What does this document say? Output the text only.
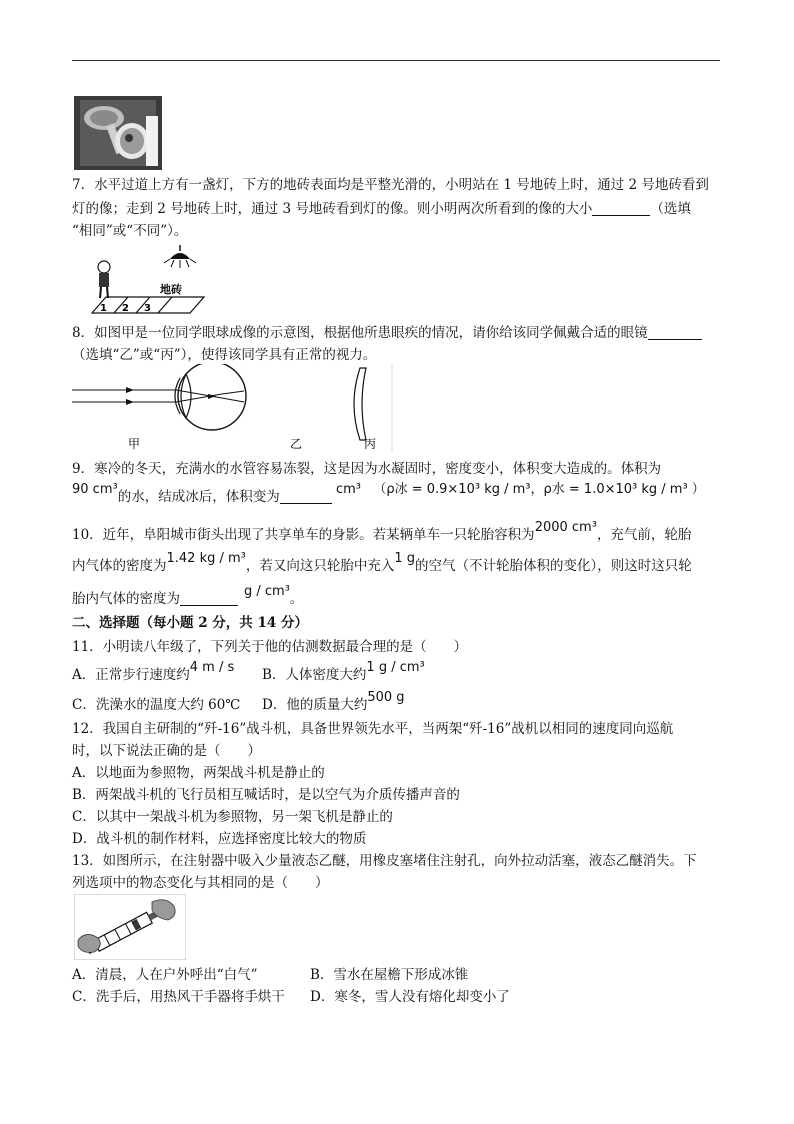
7．水平过道上方有一盏灯，下方的地砖表面均是平整光滑的，小明站在 1 号地砖上时，通过 2 号地砖看到
灯的像；走到 2 号地砖上时，通过 3 号地砖看到灯的像。则小明两次所看到的像的大小	（选填
“相同”或“不同”）。
1 2 3
地砖
8．如图甲是一位同学眼球成像的示意图，根据他所患眼疾的情况，请你给该同学佩戴合适的眼镜
（选填“乙”或“丙”），使得该同学具有正常的视力。
甲	乙	丙
9．寒冷的冬天，充满水的水管容易冻裂，这是因为水凝固时，密度变小，体积变大造成的。体积为
90 cm³的水，结成冰后，体积变为	cm³ （ρ冰 = 0.9×10³ kg / m³，ρ水 = 1.0×10³ kg / m³ ）
10．近年，阜阳城市街头出现了共享单车的身影。若某辆单车一只轮胎容积为2000 cm³，充气前，轮胎
内气体的密度为1.42 kg / m³，若又向这只轮胎中充入1 g的空气（不计轮胎体积的变化），则这时这只轮
胎内气体的密度为	g / cm³。
二、选择题（每小题 2 分，共 14 分）
11．小明读八年级了，下列关于他的估测数据最合理的是（　　）
A．正常步行速度约4 m / s B．人体密度大约1 g / cm³
C．洗澡水的温度大约 60℃ D．他的质量大约500 g
12．我国自主研制的“歼-16”战斗机，具备世界领先水平，当两架“歼-16”战机以相同的速度同向巡航
时，以下说法正确的是（　　）
A．以地面为参照物，两架战斗机是静止的
B．两架战斗机的飞行员相互喊话时，是以空气为介质传播声音的
C．以其中一架战斗机为参照物，另一架飞机是静止的
D．战斗机的制作材料，应选择密度比较大的物质
13．如图所示，在注射器中吸入少量液态乙醚，用橡皮塞堵住注射孔，向外拉动活塞，液态乙醚消失。下
列选项中的物态变化与其相同的是（　　）
A．清晨，人在户外呼出“白气”	B．雪水在屋檐下形成冰锥
C．洗手后，用热风干手器将手烘干 D．寒冬，雪人没有熔化却变小了
